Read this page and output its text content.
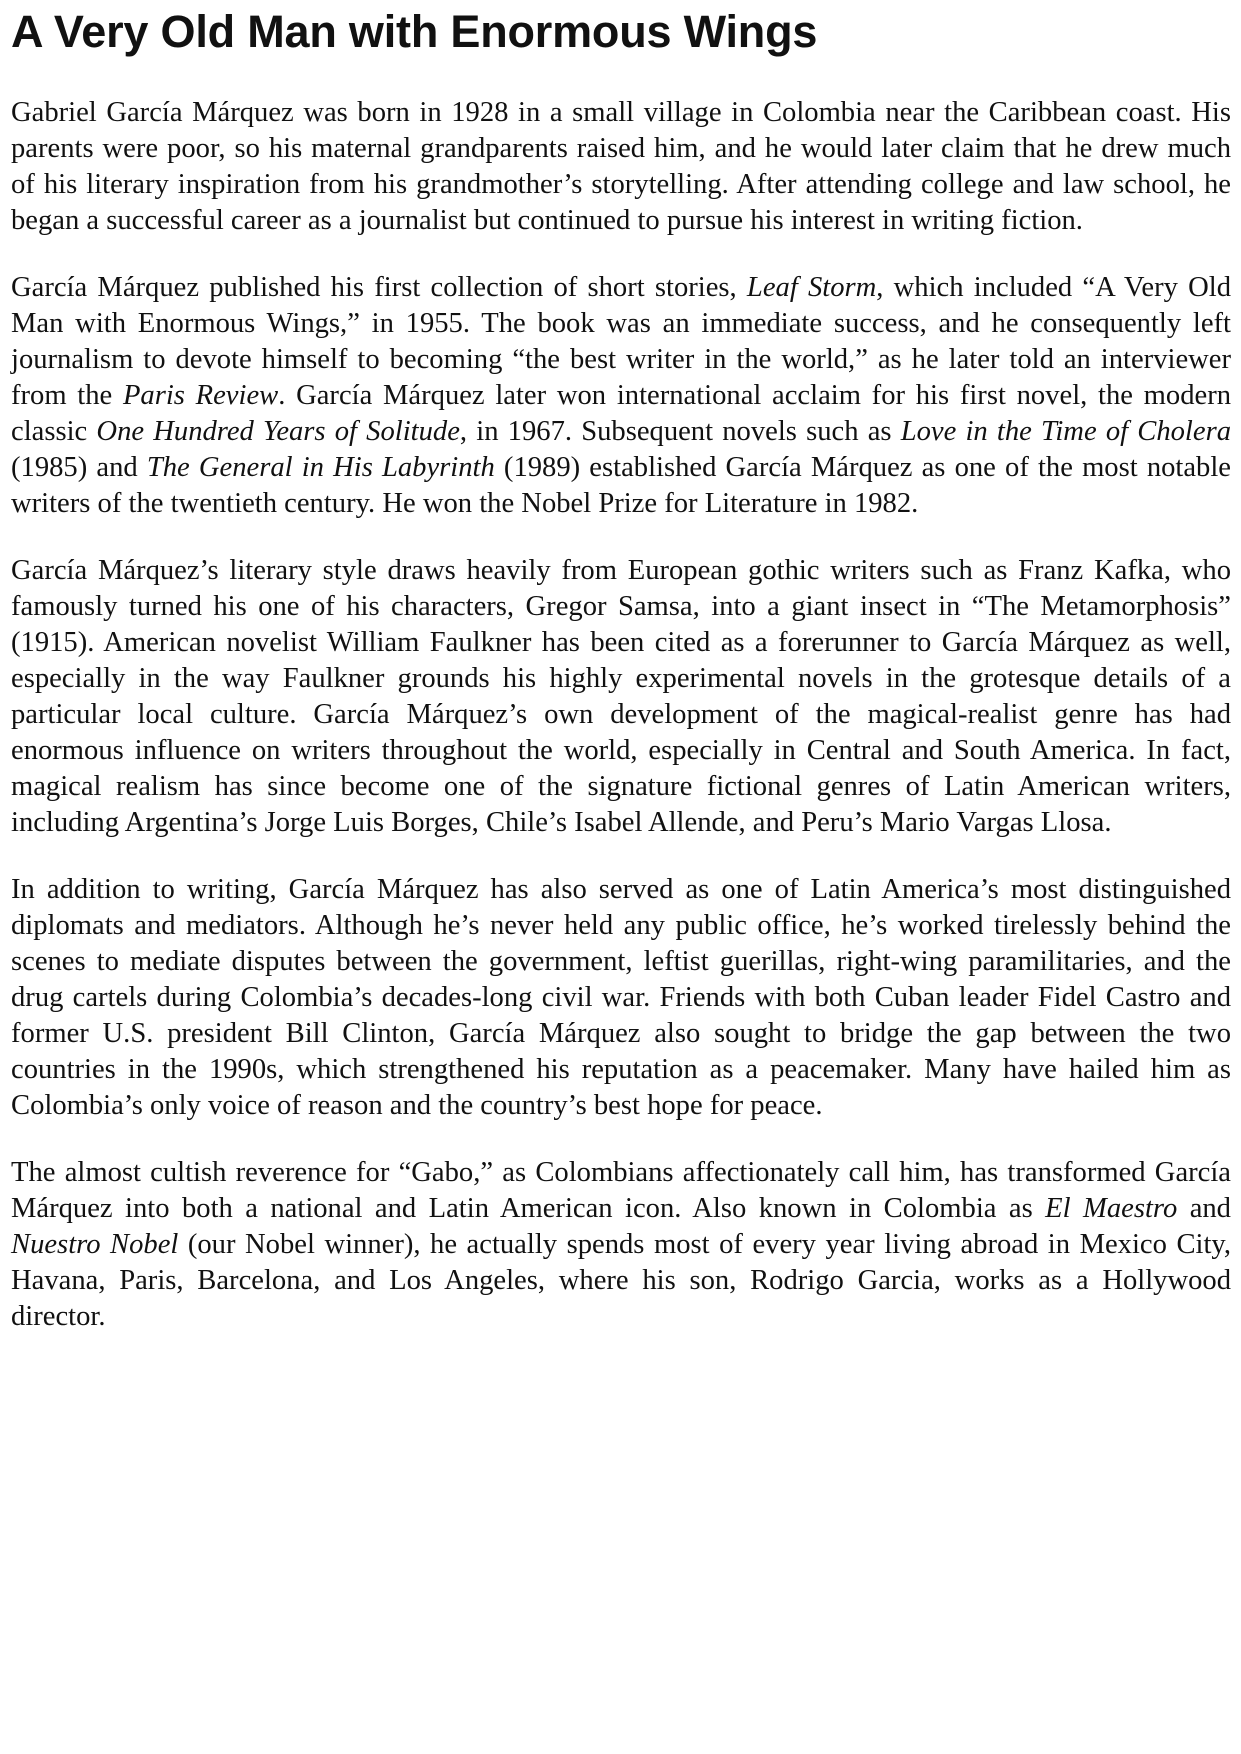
A Very Old Man with Enormous Wings

Gabriel García Márquez was born in 1928 in a small village in Colombia near the Caribbean coast. His parents were poor, so his maternal grandparents raised him, and he would later claim that he drew much of his literary inspiration from his grandmother’s storytelling. After attending college and law school, he began a successful career as a journalist but continued to pursue his interest in writing fiction.

García Márquez published his first collection of short stories, Leaf Storm, which included “A Very Old Man with Enormous Wings,” in 1955. The book was an immediate success, and he consequently left journalism to devote himself to becoming “the best writer in the world,” as he later told an interviewer from the Paris Review. García Márquez later won international acclaim for his first novel, the modern classic One Hundred Years of Solitude, in 1967. Subsequent novels such as Love in the Time of Cholera (1985) and The General in His Labyrinth (1989) established García Márquez as one of the most notable writers of the twentieth century. He won the Nobel Prize for Literature in 1982.

García Márquez’s literary style draws heavily from European gothic writers such as Franz Kafka, who famously turned his one of his characters, Gregor Samsa, into a giant insect in “The Metamorphosis” (1915). American novelist William Faulkner has been cited as a forerunner to García Márquez as well, especially in the way Faulkner grounds his highly experimental novels in the grotesque details of a particular local culture. García Márquez’s own development of the magical-realist genre has had enormous influence on writers throughout the world, especially in Central and South America. In fact, magical realism has since become one of the signature fictional genres of Latin American writers, including Argentina’s Jorge Luis Borges, Chile’s Isabel Allende, and Peru’s Mario Vargas Llosa.

In addition to writing, García Márquez has also served as one of Latin America’s most distinguished diplomats and mediators. Although he’s never held any public office, he’s worked tirelessly behind the scenes to mediate disputes between the government, leftist guerillas, right-wing paramilitaries, and the drug cartels during Colombia’s decades-long civil war. Friends with both Cuban leader Fidel Castro and former U.S. president Bill Clinton, García Márquez also sought to bridge the gap between the two countries in the 1990s, which strengthened his reputation as a peacemaker. Many have hailed him as Colombia’s only voice of reason and the country’s best hope for peace.

The almost cultish reverence for “Gabo,” as Colombians affectionately call him, has transformed García Márquez into both a national and Latin American icon. Also known in Colombia as El Maestro and Nuestro Nobel (our Nobel winner), he actually spends most of every year living abroad in Mexico City, Havana, Paris, Barcelona, and Los Angeles, where his son, Rodrigo Garcia, works as a Hollywood director.
